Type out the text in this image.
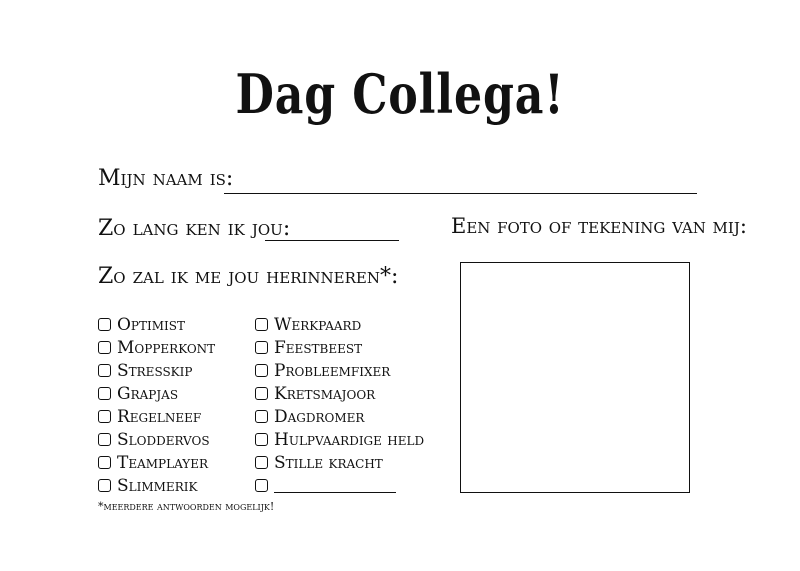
Dag Collega!
Mijn naam is:
Zo lang ken ik jou:
Zo zal ik me jou herinneren*:
Een foto of tekening van mij:
Optimist
Mopperkont
Stresskip
Grapjas
Regelneef
Sloddervos
Teamplayer
Slimmerik
Werkpaard
Feestbeest
Probleemfixer
Kretsmajoor
Dagdromer
Hulpvaardige held
Stille kracht
*meerdere antwoorden mogelijk!
